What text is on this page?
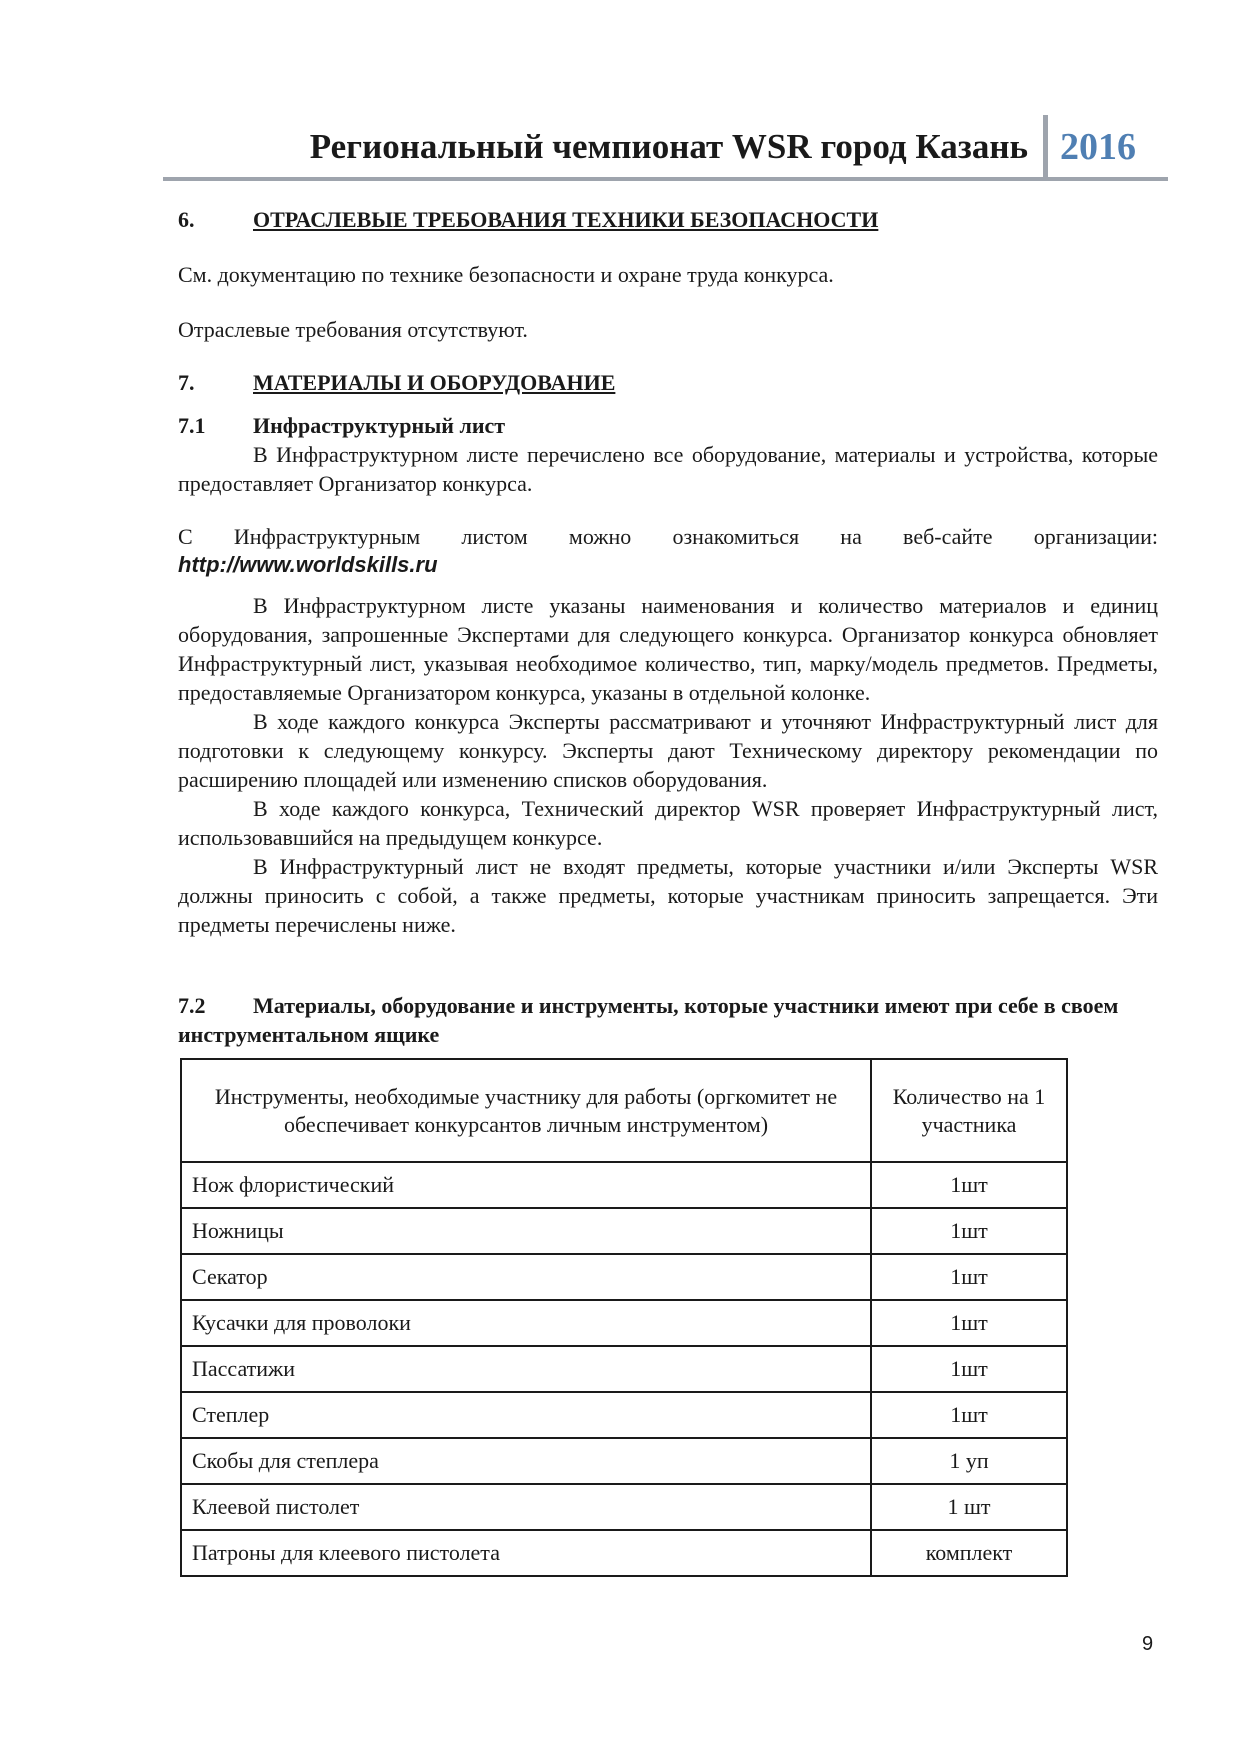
Региональный чемпионат WSR город Казань 2016
6.	ОТРАСЛЕВЫЕ ТРЕБОВАНИЯ ТЕХНИКИ БЕЗОПАСНОСТИ
См. документацию по технике безопасности и охране труда конкурса.
Отраслевые требования отсутствуют.
7.	МАТЕРИАЛЫ И ОБОРУДОВАНИЕ
7.1 Инфраструктурный лист
В Инфраструктурном листе перечислено все оборудование, материалы и устройства, которые предоставляет Организатор конкурса.
С Инфраструктурным листом можно ознакомиться на веб-сайте организации:
http://www.worldskills.ru

В Инфраструктурном листе указаны наименования и количество материалов и единиц оборудования, запрошенные Экспертами для следующего конкурса. Организатор конкурса обновляет Инфраструктурный лист, указывая необходимое количество, тип, марку/модель предметов. Предметы, предоставляемые Организатором конкурса, указаны в отдельной колонке.

В ходе каждого конкурса Эксперты рассматривают и уточняют Инфраструктурный лист для подготовки к следующему конкурсу. Эксперты дают Техническому директору рекомендации по расширению площадей или изменению списков оборудования.

В ходе каждого конкурса, Технический директор WSR проверяет Инфраструктурный лист, использовавшийся на предыдущем конкурсе.

В Инфраструктурный лист не входят предметы, которые участники и/или Эксперты WSR должны приносить с собой, а также предметы, которые участникам приносить запрещается. Эти предметы перечислены ниже.

7.2 Материалы, оборудование и инструменты, которые участники имеют при себе в своем инструментальном ящике
Инструменты, необходимые участнику для работы (оргкомитет не обеспечивает конкурсантов личным инструментом)	Количество на 1 участника
Нож флористический	1шт
Ножницы	1шт
Секатор	1шт
Кусачки для проволоки	1шт
Пассатижи	1шт
Степлер	1шт
Скобы для степлера	1 уп
Клеевой пистолет	1 шт
Патроны для клеевого пистолета	комплект
9
